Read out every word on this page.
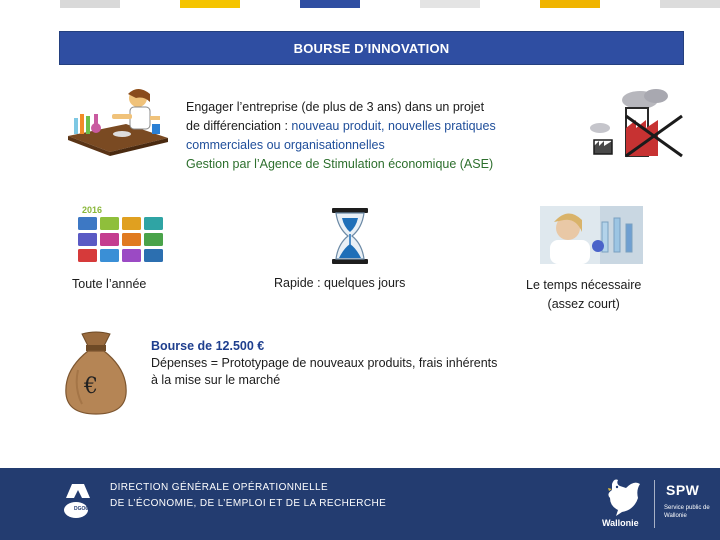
BOURSE D’INNOVATION
Engager l’entreprise (de plus de 3 ans) dans un projet
de différenciation : nouveau produit, nouvelles pratiques
commerciales ou organisationnelles
Gestion par l’Agence de Stimulation économique (ASE)
2016
Toute l’année	Rapide : quelques jours	Le temps nécessaire
(assez court)
€
Bourse de 12.500 €
Dépenses = Prototypage de nouveaux produits, frais inhérents
à la mise sur le marché
DGO6
DIRECTION GÉNÉRALE OPÉRATIONNELLE
DE L’ÉCONOMIE, DE L’EMPLOI ET DE LA RECHERCHE
Wallonie
SPW
Service public de Wallonie
